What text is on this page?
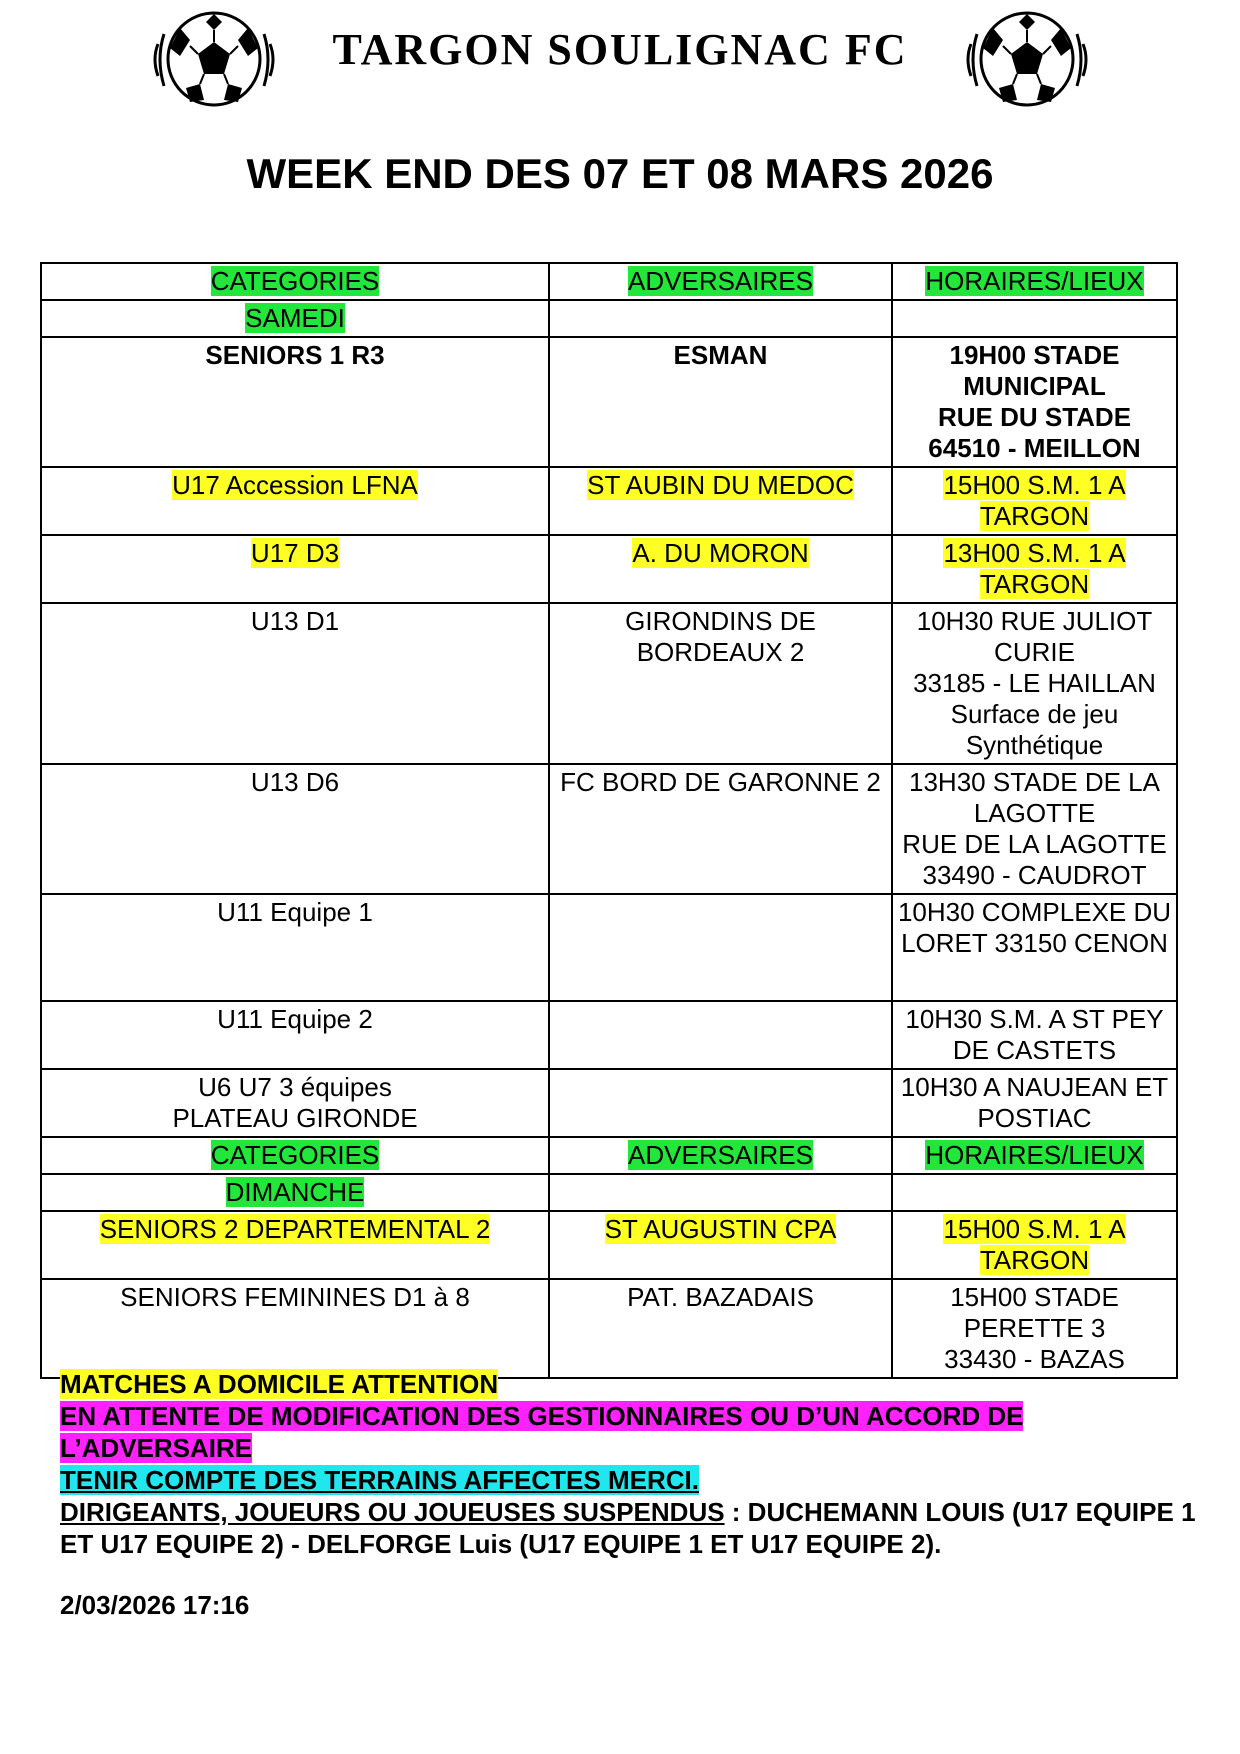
TARGON SOULIGNAC FC
WEEK END DES 07 ET 08 MARS 2026
CATEGORIES	ADVERSAIRES	HORAIRES/LIEUX
SAMEDI		
SENIORS 1 R3	ESMAN	19H00 STADE MUNICIPAL
RUE DU STADE
64510 - MEILLON
U17 Accession LFNA	ST AUBIN DU MEDOC	15H00 S.M. 1 A TARGON
U17 D3	A. DU MORON	13H00 S.M. 1 A TARGON
U13 D1	GIRONDINS DE BORDEAUX 2	10H30 RUE JULIOT CURIE
33185 - LE HAILLAN
Surface de jeu Synthétique
U13 D6	FC BORD DE GARONNE 2	13H30 STADE DE LA LAGOTTE
RUE DE LA LAGOTTE
33490 - CAUDROT
U11 Equipe 1		10H30 COMPLEXE DU LORET 33150 CENON
U11 Equipe 2		10H30 S.M. A ST PEY DE CASTETS
U6 U7 3 équipes
PLATEAU GIRONDE		10H30 A NAUJEAN ET POSTIAC
CATEGORIES	ADVERSAIRES	HORAIRES/LIEUX
DIMANCHE		
SENIORS 2 DEPARTEMENTAL 2	ST AUGUSTIN CPA	15H00 S.M. 1 A TARGON
SENIORS FEMININES D1 à 8	PAT. BAZADAIS	15H00 STADE PERETTE 3
33430 - BAZAS
MATCHES A DOMICILE ATTENTION
EN ATTENTE DE MODIFICATION DES GESTIONNAIRES OU D’UN ACCORD DE L’ADVERSAIRE
TENIR COMPTE DES TERRAINS AFFECTES MERCI.
DIRIGEANTS, JOUEURS OU JOUEUSES SUSPENDUS : DUCHEMANN LOUIS (U17 EQUIPE 1 ET U17 EQUIPE 2) - DELFORGE Luis (U17 EQUIPE 1 ET U17 EQUIPE 2).
2/03/2026 17:16
